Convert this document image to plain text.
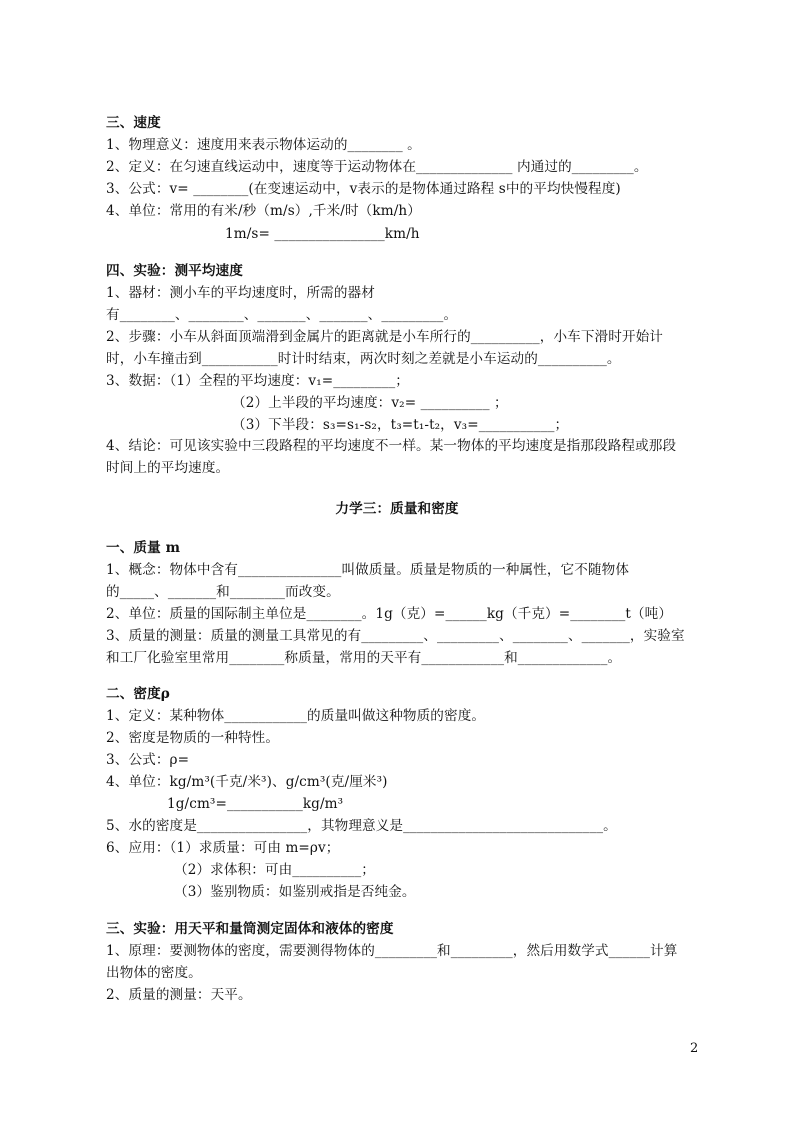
三、速度
1、物理意义：速度用来表示物体运动的________ 。
2、定义：在匀速直线运动中，速度等于运动物体在______________ 内通过的_________。
3、公式：v= ________(在变速运动中，v表示的是物体通过路程 s中的平均快慢程度)
4、单位：常用的有米/秒（m/s）,千米/时（km/h）
1m/s= ________________km/h
四、实验：测平均速度
1、器材：测小车的平均速度时，所需的器材
有________、________、_______、_______、_________。
2、步骤：小车从斜面顶端滑到金属片的距离就是小车所行的__________，小车下滑时开始计
时，小车撞击到___________时计时结束，两次时刻之差就是小车运动的__________。
3、数据：（1）全程的平均速度：v₁=_________；
（2）上半段的平均速度：v₂= __________ ；
（3）下半段：s₃=s₁-s₂，t₃=t₁-t₂，v₃=___________；
4、结论：可见该实验中三段路程的平均速度不一样。某一物体的平均速度是指那段路程或那段
时间上的平均速度。
力学三：质量和密度
一、质量 m
1、概念：物体中含有_______________叫做质量。质量是物质的一种属性，它不随物体
的_____、_______和________而改变。
2、单位：质量的国际制主单位是________。1g（克）=______kg（千克）=________t（吨）
3、质量的测量：质量的测量工具常见的有_________、_________、________、_______，实验室
和工厂化验室里常用________称质量，常用的天平有____________和_____________。
二、密度ρ
1、定义：某种物体____________的质量叫做这种物质的密度。
2、密度是物质的一种特性。
3、公式：ρ=
4、单位：kg/m³(千克/米³)、g/cm³(克/厘米³)
1g/cm³=___________kg/m³
5、水的密度是________________，其物理意义是_____________________________。
6、应用：（1）求质量：可由 m=ρv；
（2）求体积：可由__________；
（3）鉴别物质：如鉴别戒指是否纯金。
三、实验：用天平和量筒测定固体和液体的密度
1、原理：要测物体的密度，需要测得物体的_________和_________，然后用数学式______计算
出物体的密度。
2、质量的测量：天平。
2
